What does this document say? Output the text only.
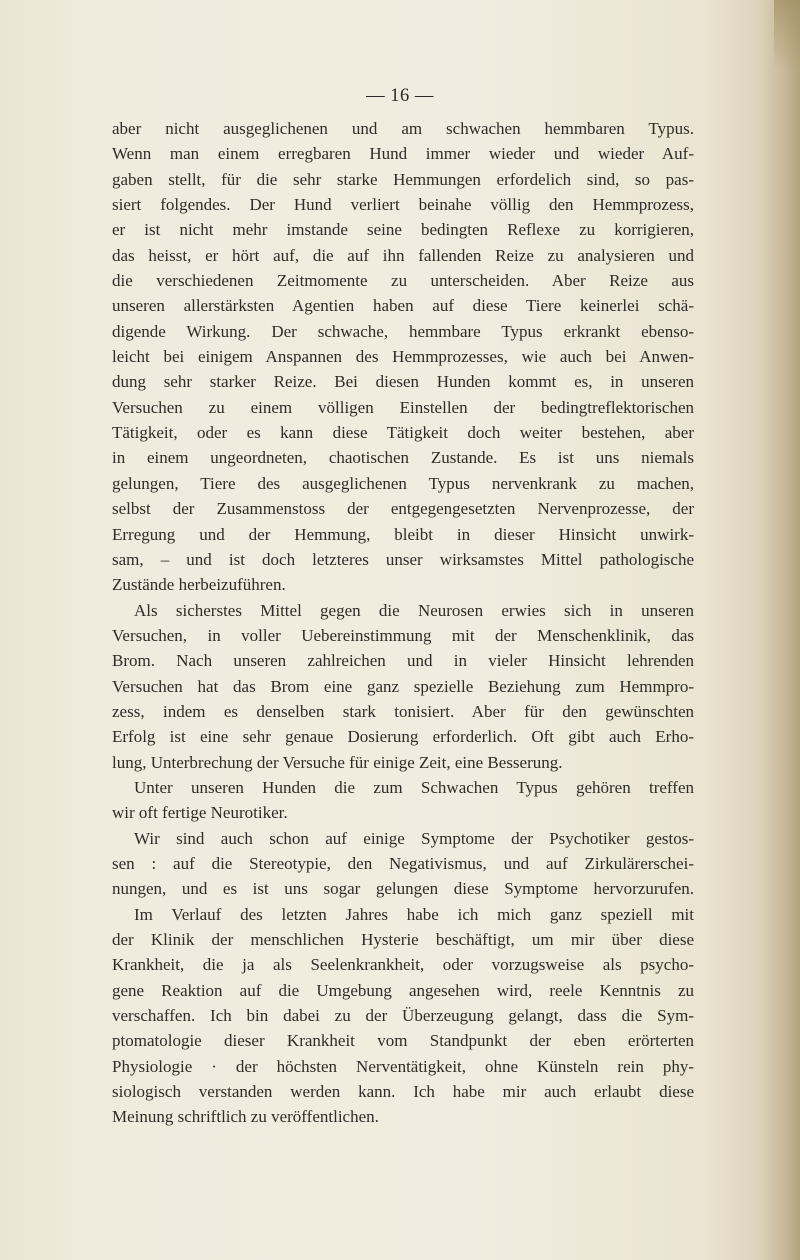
— 16 —
aber nicht ausgeglichenen und am schwachen hemmbaren Typus.
Wenn man einem erregbaren Hund immer wieder und wieder Auf-
gaben stellt, für die sehr starke Hemmungen erfordelich sind, so pas-
siert folgendes. Der Hund verliert beinahe völlig den Hemmprozess,
er ist nicht mehr imstande seine bedingten Reflexe zu korrigieren,
das heisst, er hört auf, die auf ihn fallenden Reize zu analysieren und
die verschiedenen Zeitmomente zu unterscheiden. Aber Reize aus
unseren allerstärksten Agentien haben auf diese Tiere keinerlei schä-
digende Wirkung. Der schwache, hemmbare Typus erkrankt ebenso-
leicht bei einigem Anspannen des Hemmprozesses, wie auch bei Anwen-
dung sehr starker Reize. Bei diesen Hunden kommt es, in unseren
Versuchen zu einem völligen Einstellen der bedingtreflektorischen
Tätigkeit, oder es kann diese Tätigkeit doch weiter bestehen, aber
in einem ungeordneten, chaotischen Zustande. Es ist uns niemals
gelungen, Tiere des ausgeglichenen Typus nervenkrank zu machen,
selbst der Zusammenstoss der entgegengesetzten Nervenprozesse, der
Erregung und der Hemmung, bleibt in dieser Hinsicht unwirk-
sam, – und ist doch letzteres unser wirksamstes Mittel pathologische
Zustände herbeizuführen.
Als sicherstes Mittel gegen die Neurosen erwies sich in unseren
Versuchen, in voller Uebereinstimmung mit der Menschenklinik, das
Brom. Nach unseren zahlreichen und in vieler Hinsicht lehrenden
Versuchen hat das Brom eine ganz spezielle Beziehung zum Hemmpro-
zess, indem es denselben stark tonisiert. Aber für den gewünschten
Erfolg ist eine sehr genaue Dosierung erforderlich. Oft gibt auch Erho-
lung, Unterbrechung der Versuche für einige Zeit, eine Besserung.
Unter unseren Hunden die zum Schwachen Typus gehören treffen
wir oft fertige Neurotiker.
Wir sind auch schon auf einige Symptome der Psychotiker gestos-
sen : auf die Stereotypie, den Negativismus, und auf Zirkulärerschei-
nungen, und es ist uns sogar gelungen diese Symptome hervorzurufen.
Im Verlauf des letzten Jahres habe ich mich ganz speziell mit
der Klinik der menschlichen Hysterie beschäftigt, um mir über diese
Krankheit, die ja als Seelenkrankheit, oder vorzugsweise als psycho-
gene Reaktion auf die Umgebung angesehen wird, reele Kenntnis zu
verschaffen. Ich bin dabei zu der Überzeugung gelangt, dass die Sym-
ptomatologie dieser Krankheit vom Standpunkt der eben erörterten
Physiologie · der höchsten Nerventätigkeit, ohne Künsteln rein phy-
siologisch verstanden werden kann. Ich habe mir auch erlaubt diese
Meinung schriftlich zu veröffentlichen.
